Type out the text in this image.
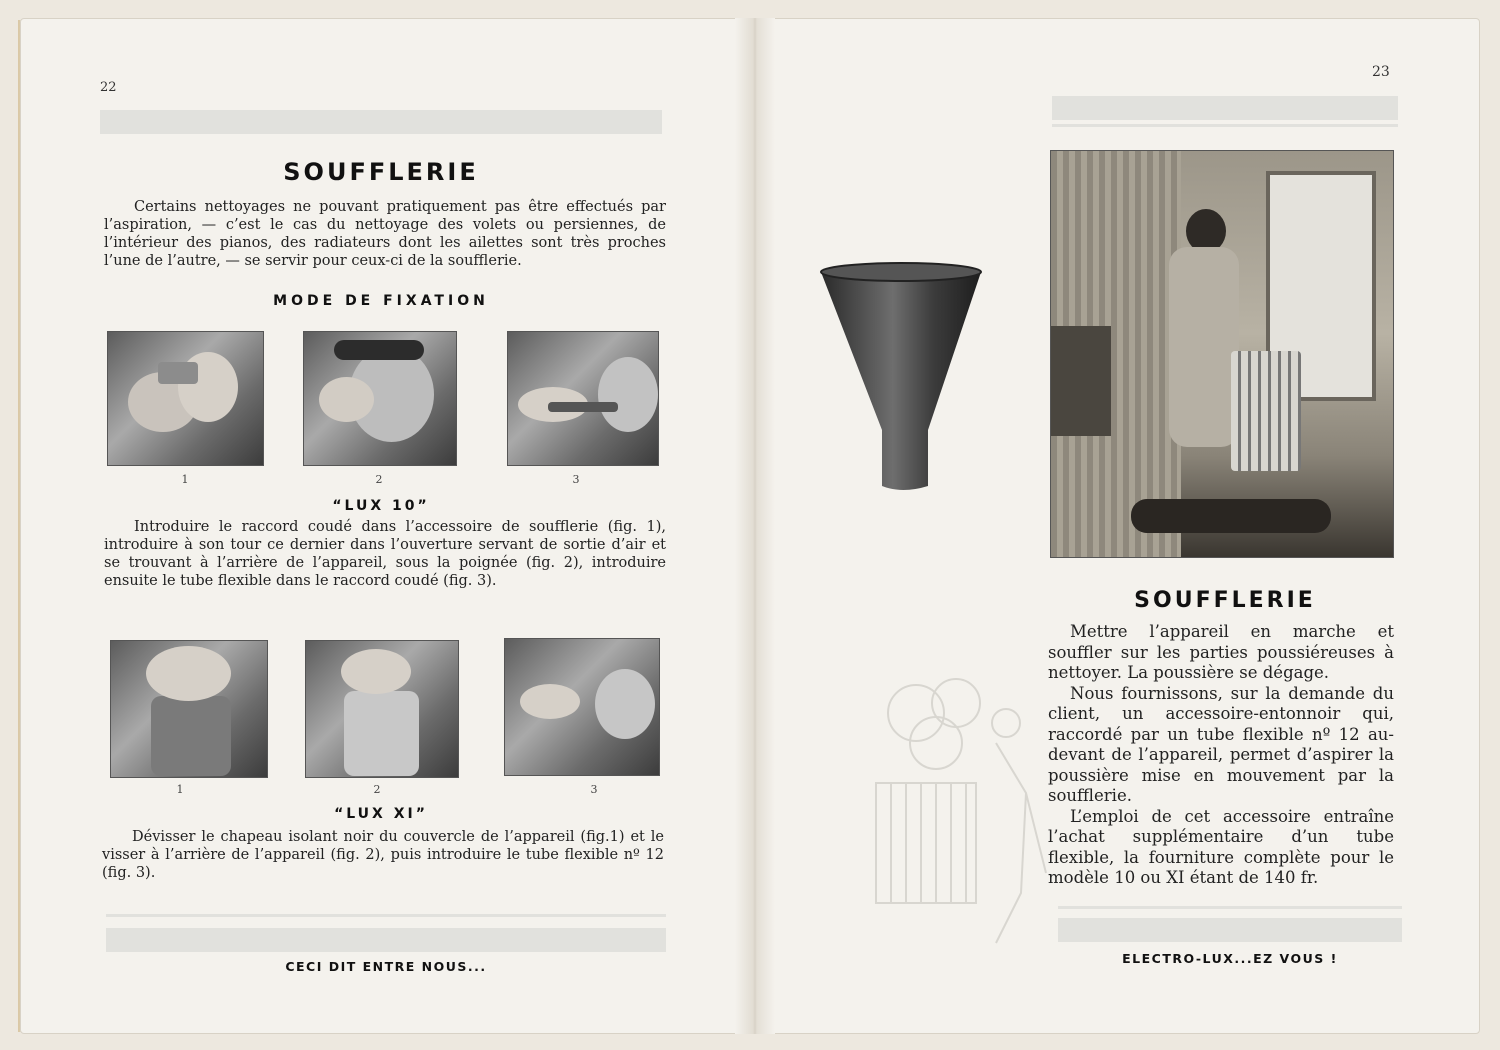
22
SOUFFLERIE

Certains nettoyages ne pouvant pratiquement pas être effectués par l’aspiration, — c’est le cas du nettoyage des volets ou persiennes, de l’intérieur des pianos, des radiateurs dont les ailettes sont très proches l’une de l’autre, — se servir pour ceux-ci de la soufflerie.

MODE DE FIXATION
1	2	3
“LUX 10”

Introduire le raccord coudé dans l’accessoire de soufflerie (fig. 1), introduire à son tour ce dernier dans l’ouverture servant de sortie d’air et se trouvant à l’arrière de l’appareil, sous la poignée (fig. 2), introduire ensuite le tube flexible dans le raccord coudé (fig. 3).

1	2	3
“LUX XI”

Dévisser le chapeau isolant noir du couvercle de l’appareil (fig.1) et le visser à l’arrière de l’appareil (fig. 2), puis introduire le tube flexible nº 12 (fig. 3).

CECI DIT ENTRE NOUS...
23
SOUFFLERIE

Mettre l’appareil en marche et souffler sur les parties poussiéreuses à nettoyer. La poussière se dégage.

Nous fournissons, sur la demande du client, un accessoire-entonnoir qui, raccordé par un tube flexible nº 12 au-devant de l’appareil, permet d’aspirer la poussière mise en mouvement par la soufflerie.

L’emploi de cet accessoire entraîne l’achat supplémentaire d’un tube flexible, la fourniture complète pour le modèle 10 ou XI étant de 140 fr.

ELECTRO-LUX...EZ VOUS !
